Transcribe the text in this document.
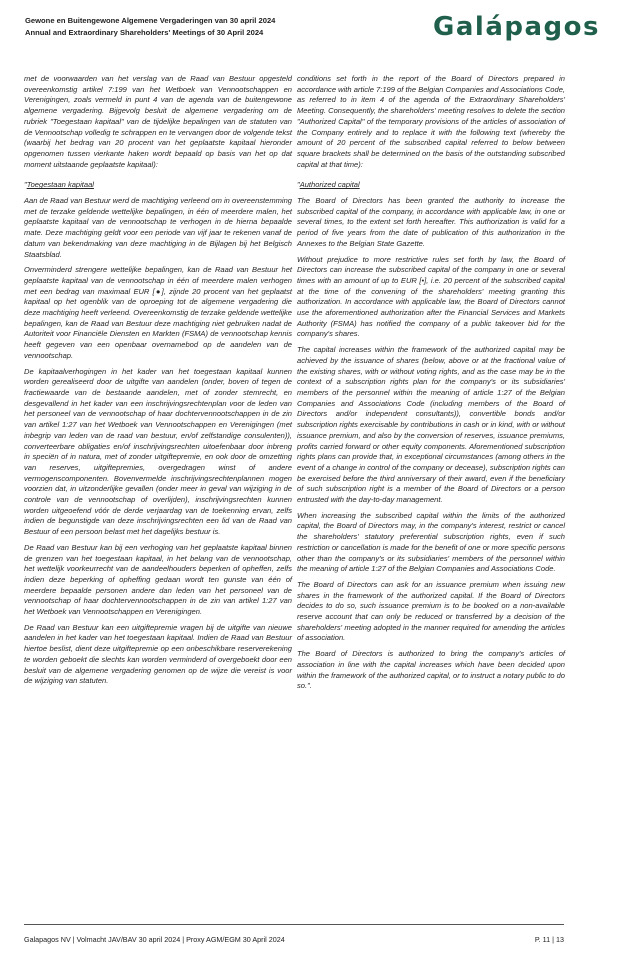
Gewone en Buitengewone Algemene Vergaderingen van 30 april 2024
Annual and Extraordinary Shareholders' Meetings of 30 April 2024	Galápagos

met de voorwaarden van het verslag van de Raad van Bestuur opgesteld overeenkomstig artikel 7:199 van het Wetboek van Vennootschappen en Verenigingen, zoals vermeld in punt 4 van de agenda van de buitengewone algemene vergadering. Bijgevolg besluit de algemene vergadering om de rubriek "Toegestaan kapitaal" van de tijdelijke bepalingen van de statuten van de Vennootschap volledig te schrappen en te vervangen door de volgende tekst (waarbij het bedrag van 20 procent van het geplaatste kapitaal hieronder opgenomen tussen vierkante haken wordt bepaald op basis van het op dat moment uitstaande geplaatste kapitaal):

"Toegestaan kapitaal

Aan de Raad van Bestuur werd de machtiging verleend om in overeenstemming met de terzake geldende wettelijke bepalingen, in één of meerdere malen, het geplaatste kapitaal van de vennootschap te verhogen in de hierna bepaalde mate. Deze machtiging geldt voor een periode van vijf jaar te rekenen vanaf de datum van bekendmaking van deze machtiging in de Bijlagen bij het Belgisch Staatsblad.

Onverminderd strengere wettelijke bepalingen, kan de Raad van Bestuur het geplaatste kapitaal van de vennootschap in één of meerdere malen verhogen met een bedrag van maximaal EUR [●], zijnde 20 procent van het geplaatst kapitaal op het ogenblik van de oproeping tot de algemene vergadering die deze machtiging heeft verleend. Overeenkomstig de terzake geldende wettelijke bepalingen, kan de Raad van Bestuur deze machtiging niet gebruiken nadat de Autoriteit voor Financiële Diensten en Markten (FSMA) de vennootschap kennis heeft gegeven van een openbaar overnamebod op de aandelen van de vennootschap.

De kapitaalverhogingen in het kader van het toegestaan kapitaal kunnen worden gerealiseerd door de uitgifte van aandelen (onder, boven of tegen de fractiewaarde van de bestaande aandelen, met of zonder stemrecht, en desgevallend in het kader van een inschrijvingsrechtenplan voor de leden van het personeel van de vennootschap of haar dochtervennootschappen in de zin van artikel 1:27 van het Wetboek van Vennootschappen en Verenigingen (met inbegrip van leden van de raad van bestuur, en/of zelfstandige consulenten)), converteerbare obligaties en/of inschrijvingsrechten uitoefenbaar door inbreng in speciën of in natura, met of zonder uitgiftepremie, en ook door de omzetting van reserves, uitgiftepremies, overgedragen winst of andere vermogenscomponenten. Bovenvermelde inschrijvingsrechtenplannen mogen voorzien dat, in uitzonderlijke gevallen (onder meer in geval van wijziging in de controle van de vennootschap of overlijden), inschrijvingsrechten kunnen worden uitgeoefend vóór de derde verjaardag van de toekenning ervan, zelfs indien de begunstigde van deze inschrijvingsrechten een lid van de Raad van Bestuur of een persoon belast met het dagelijks bestuur is.

De Raad van Bestuur kan bij een verhoging van het geplaatste kapitaal binnen de grenzen van het toegestaan kapitaal, in het belang van de vennootschap, het wettelijk voorkeurrecht van de aandeelhouders beperken of opheffen, zelfs indien deze beperking of opheffing gedaan wordt ten gunste van één of meerdere bepaalde personen andere dan leden van het personeel van de vennootschap of haar dochtervennootschappen in de zin van artikel 1:27 van het Wetboek van Vennootschappen en Verenigingen.

De Raad van Bestuur kan een uitgiftepremie vragen bij de uitgifte van nieuwe aandelen in het kader van het toegestaan kapitaal. Indien de Raad van Bestuur hiertoe beslist, dient deze uitgiftepremie op een onbeschikbare reserverekening te worden geboekt die slechts kan worden verminderd of overgeboekt door een besluit van de algemene vergadering genomen op de wijze die vereist is voor de wijziging van statuten.

conditions set forth in the report of the Board of Directors prepared in accordance with article 7:199 of the Belgian Companies and Associations Code, as referred to in item 4 of the agenda of the Extraordinary Shareholders' Meeting. Consequently, the shareholders' meeting resolves to delete the section "Authorized Capital" of the temporary provisions of the articles of association of the Company entirely and to replace it with the following text (whereby the amount of 20 percent of the subscribed capital referred to below between square brackets shall be determined on the basis of the outstanding subscribed capital at that time):

"Authorized capital

The Board of Directors has been granted the authority to increase the subscribed capital of the company, in accordance with applicable law, in one or several times, to the extent set forth hereafter. This authorization is valid for a period of five years from the date of publication of this authorization in the Annexes to the Belgian State Gazette.

Without prejudice to more restrictive rules set forth by law, the Board of Directors can increase the subscribed capital of the company in one or several times with an amount of up to EUR [•], i.e. 20 percent of the subscribed capital at the time of the convening of the shareholders' meeting granting this authorization. In accordance with applicable law, the Board of Directors cannot use the aforementioned authorization after the Financial Services and Markets Authority (FSMA) has notified the company of a public takeover bid for the company's shares.

The capital increases within the framework of the authorized capital may be achieved by the issuance of shares (below, above or at the fractional value of the existing shares, with or without voting rights, and as the case may be in the context of a subscription rights plan for the company's or its subsidiaries' members of the personnel within the meaning of article 1:27 of the Belgian Companies and Associations Code (including members of the Board of Directors and/or independent consultants)), convertible bonds and/or subscription rights exercisable by contributions in cash or in kind, with or without issuance premium, and also by the conversion of reserves, issuance premiums, profits carried forward or other equity components. Aforementioned subscription rights plans can provide that, in exceptional circumstances (among others in the event of a change in control of the company or decease), subscription rights can be exercised before the third anniversary of their award, even if the beneficiary of such subscription right is a member of the Board of Directors or a person entrusted with the day-to-day management.

When increasing the subscribed capital within the limits of the authorized capital, the Board of Directors may, in the company's interest, restrict or cancel the shareholders' statutory preferential subscription rights, even if such restriction or cancellation is made for the benefit of one or more specific persons other than the company's or its subsidiaries' members of the personnel within the meaning of article 1:27 of the Belgian Companies and Associations Code.

The Board of Directors can ask for an issuance premium when issuing new shares in the framework of the authorized capital. If the Board of Directors decides to do so, such issuance premium is to be booked on a non-available reserve account that can only be reduced or transferred by a decision of the shareholders' meeting adopted in the manner required for amending the articles of association.

The Board of Directors is authorized to bring the company's articles of association in line with the capital increases which have been decided upon within the framework of the authorized capital, or to instruct a notary public to do so.".

Galapagos NV | Volmacht JAV/BAV 30 april 2024 | Proxy AGM/EGM 30 April 2024	P. 11 | 13
